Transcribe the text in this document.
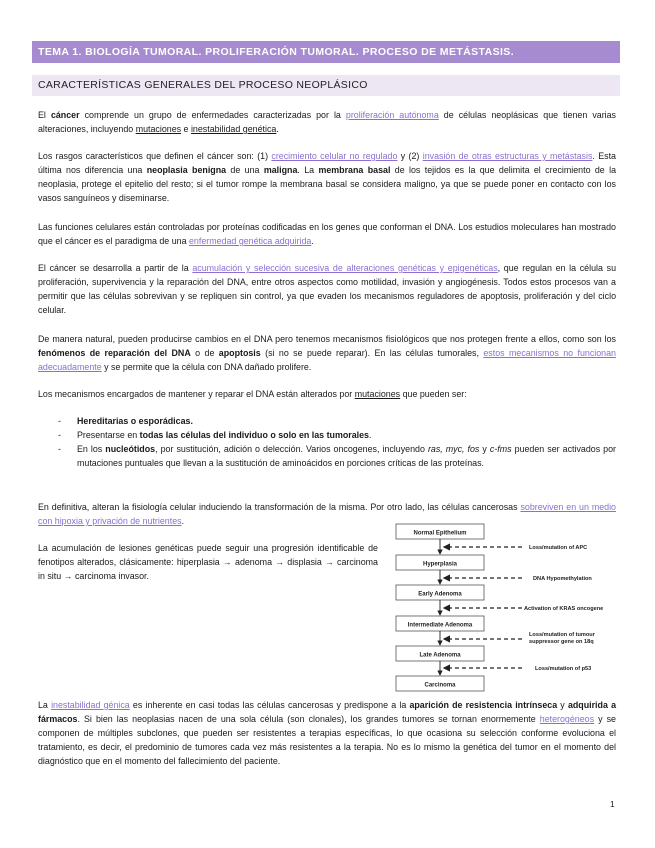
TEMA 1. BIOLOGÍA TUMORAL. PROLIFERACIÓN TUMORAL. PROCESO DE METÁSTASIS.
CARACTERÍSTICAS GENERALES DEL PROCESO NEOPLÁSICO

El cáncer comprende un grupo de enfermedades caracterizadas por la proliferación autónoma de células neoplásicas que tienen varias alteraciones, incluyendo mutaciones e inestabilidad genética.

Los rasgos característicos que definen el cáncer son: (1) crecimiento celular no regulado y (2) invasión de otras estructuras y metástasis. Esta última nos diferencia una neoplasia benigna de una maligna. La membrana basal de los tejidos es la que delimita el crecimiento de la neoplasia, protege el epitelio del resto; si el tumor rompe la membrana basal se considera maligno, ya que se puede poner en contacto con los vasos sanguíneos y diseminarse.

Las funciones celulares están controladas por proteínas codificadas en los genes que conforman el DNA. Los estudios moleculares han mostrado que el cáncer es el paradigma de una enfermedad genética adquirida.

El cáncer se desarrolla a partir de la acumulación y selección sucesiva de alteraciones genéticas y epigenéticas, que regulan en la célula su proliferación, supervivencia y la reparación del DNA, entre otros aspectos como motilidad, invasión y angiogénesis. Todos estos procesos van a permitir que las células sobrevivan y se repliquen sin control, ya que evaden los mecanismos reguladores de apoptosis, proliferación y del ciclo celular.

De manera natural, pueden producirse cambios en el DNA pero tenemos mecanismos fisiológicos que nos protegen frente a ellos, como son los fenómenos de reparación del DNA o de apoptosis (si no se puede reparar). En las células tumorales, estos mecanismos no funcionan adecuadamente y se permite que la célula con DNA dañado prolifere.

Los mecanismos encargados de mantener y reparar el DNA están alterados por mutaciones que pueden ser:

- Hereditarias o esporádicas.
- Presentarse en todas las células del individuo o solo en las tumorales.
- En los nucleótidos, por sustitución, adición o delección. Varios oncogenes, incluyendo ras, myc, fos y c-fms pueden ser activados por mutaciones puntuales que llevan a la sustitución de aminoácidos en porciones críticas de las proteínas.

En definitiva, alteran la fisiología celular induciendo la transformación de la misma. Por otro lado, las células cancerosas sobreviven en un medio con hipoxia y privación de nutrientes.

La acumulación de lesiones genéticas puede seguir una progresión identificable de fenotipos alterados, clásicamente: hiperplasia → adenoma → displasia → carcinoma in situ → carcinoma invasor.

Normal Epithelium
Hyperplasia
Early Adenoma
Intermediate Adenoma
Late Adenoma
Carcinoma
Loss/mutation of APC
DNA Hypomethylation
Activation of KRAS oncogene
Loss/mutation of tumour
suppressor gene on 18q
Loss/mutation of p53

La inestabilidad génica es inherente en casi todas las células cancerosas y predispone a la aparición de resistencia intrínseca y adquirida a fármacos. Si bien las neoplasias nacen de una sola célula (son clonales), los grandes tumores se tornan enormemente heterogéneos y se componen de múltiples subclones, que pueden ser resistentes a terapias específicas, lo que ocasiona su selección conforme evoluciona el tratamiento, es decir, el predominio de tumores cada vez más resistentes a la terapia. No es lo mismo la genética del tumor en el momento del diagnóstico que en el momento del fallecimiento del paciente.

1
